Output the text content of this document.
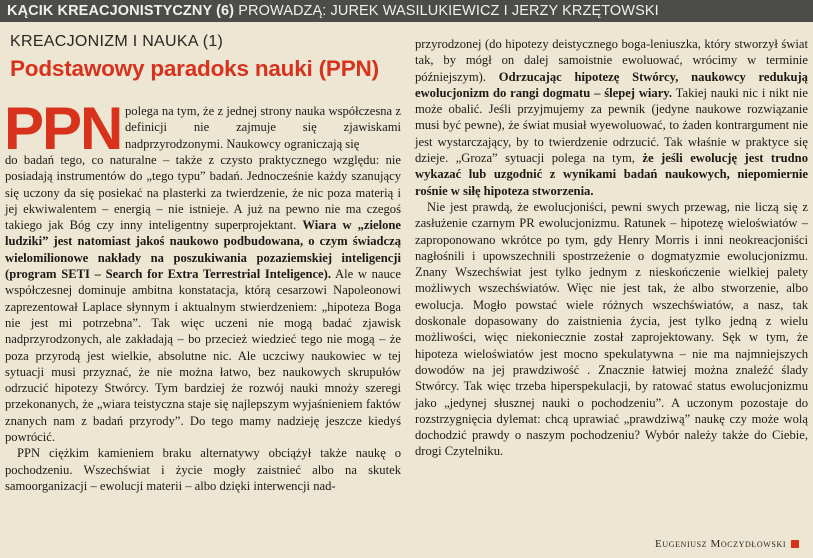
KĄCIK KREACJONISTYCZNY (6) PROWADZĄ: JUREK WASILUKIEWICZ I JERZY KRZĘTOWSKI
KREACJONIZM I NAUKA (1)
Podstawowy paradoks nauki (PPN)
PPN polega na tym, że z jednej strony nauka współczesna z definicji nie zajmuje się zjawiskami nadprzyrodzonymi. Naukowcy ograniczają się

do badań tego, co naturalne – także z czysto praktycznego względu: nie posiadają instrumentów do „tego typu” badań. Jednocześnie każdy szanujący się uczony da się posiekać na plasterki za twierdzenie, że nic poza materią i jej ekwiwalentem – energią – nie istnieje. A już na pewno nie ma czegoś takiego jak Bóg czy inny inteligentny superprojektant. Wiara w „zielone ludziki” jest natomiast jakoś naukowo podbudowana, o czym świadczą wielomilionowe nakłady na poszukiwania pozaziemskiej inteligencji (program SETI – Search for Extra Terrestrial Inteligence). Ale w nauce współczesnej dominuje ambitna konstatacja, którą cesarzowi Napoleonowi zaprezentował Laplace słynnym i aktualnym stwierdzeniem: „hipoteza Boga nie jest mi potrzebna”. Tak więc uczeni nie mogą badać zjawisk nadprzyrodzonych, ale zakładają – bo przecież wiedzieć tego nie mogą – że poza przyrodą jest wielkie, absolutne nic. Ale uczciwy naukowiec w tej sytuacji musi przyznać, że nie można łatwo, bez naukowych skrupułów odrzucić hipotezy Stwórcy. Tym bardziej że rozwój nauki mnoży szeregi przekonanych, że „wiara teistyczna staje się najlepszym wyjaśnieniem faktów znanych nam z badań przyrody”. Do tego mamy nadzieję jeszcze kiedyś powrócić.

PPN ciężkim kamieniem braku alternatywy obciążył także naukę o pochodzeniu. Wszechświat i życie mogły zaistnieć albo na skutek samoorganizacji – ewolucji materii – albo dzięki interwencji nad-

przyrodzonej (do hipotezy deistycznego boga-leniuszka, który stworzył świat tak, by mógł on dalej samoistnie ewoluować, wrócimy w terminie późniejszym). Odrzucając hipotezę Stwórcy, naukowcy redukują ewolucjonizm do rangi dogmatu – ślepej wiary. Takiej nauki nic i nikt nie może obalić. Jeśli przyjmujemy za pewnik (jedyne naukowe rozwiązanie musi być pewne), że świat musiał wyewoluować, to żaden kontrargument nie jest wystarczający, by to twierdzenie odrzucić. Tak właśnie w praktyce się dzieje. „Groza” sytuacji polega na tym, że jeśli ewolucję jest trudno wykazać lub uzgodnić z wynikami badań naukowych, niepomiernie rośnie w siłę hipoteza stworzenia.

Nie jest prawdą, że ewolucjoniści, pewni swych przewag, nie liczą się z zasłużenie czarnym PR ewolucjonizmu. Ratunek – hipotezę wieloświatów – zaproponowano wkrótce po tym, gdy Henry Morris i inni neokreacjoniści nagłośnili i upowszechnili spostrzeżenie o dogmatyzmie ewolucjonizmu. Znany Wszechświat jest tylko jednym z nieskończenie wielkiej palety możliwych wszechświatów. Więc nie jest tak, że albo stworzenie, albo ewolucja. Mogło powstać wiele różnych wszechświatów, a nasz, tak doskonale dopasowany do zaistnienia życia, jest tylko jedną z wielu możliwości, więc niekoniecznie został zaprojektowany. Sęk w tym, że hipoteza wieloświatów jest mocno spekulatywna – nie ma najmniejszych dowodów na jej prawdziwość . Znacznie łatwiej można znaleźć ślady Stwórcy. Tak więc trzeba hiperspekulacji, by ratować status ewolucjonizmu jako „jedynej słusznej nauki o pochodzeniu”. A uczonym pozostaje do rozstrzygnięcia dylemat: chcą uprawiać „prawdziwą” naukę czy może wolą dochodzić prawdy o naszym pochodzeniu? Wybór należy także do Ciebie, drogi Czytelniku.

Eugeniusz Moczydłowski
